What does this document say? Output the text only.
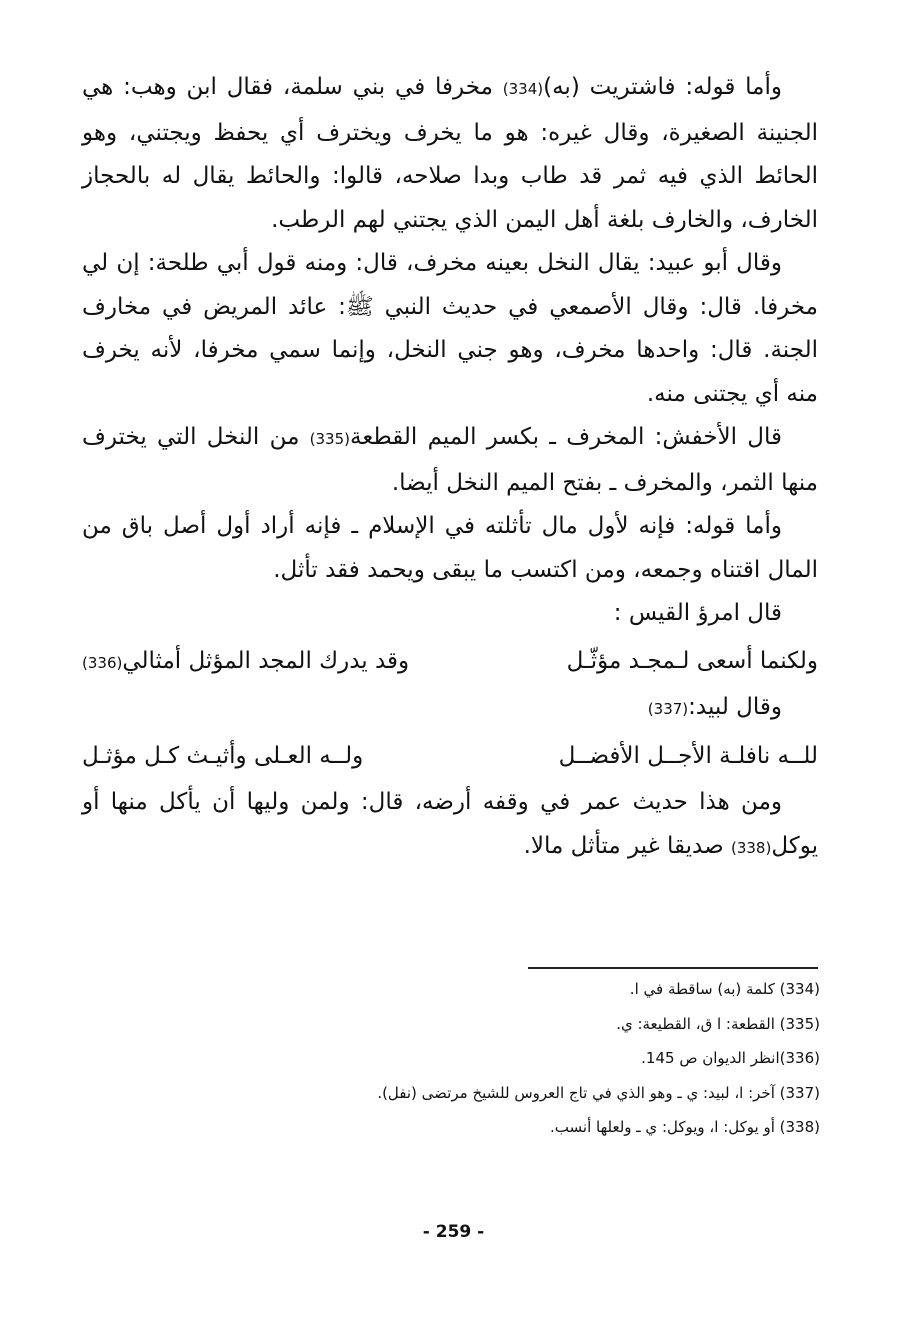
وأما قوله: فاشتريت (به)(334) مخرفا في بني سلمة، فقال ابن وهب: هي الجنينة الصغيرة، وقال غيره: هو ما يخرف ويخترف أي يحفظ ويجتني، وهو الحائط الذي فيه ثمر قد طاب وبدا صلاحه، قالوا: والحائط يقال له بالحجاز الخارف، والخارف بلغة أهل اليمن الذي يجتني لهم الرطب.

وقال أبو عبيد: يقال النخل بعينه مخرف، قال: ومنه قول أبي طلحة: إن لي مخرفا. قال: وقال الأصمعي في حديث النبي ﷺ: عائد المريض في مخارف الجنة. قال: واحدها مخرف، وهو جني النخل، وإنما سمي مخرفا، لأنه يخرف منه أي يجتنى منه.

قال الأخفش: المخرف ـ بكسر الميم القطعة(335) من النخل التي يخترف منها الثمر، والمخرف ـ بفتح الميم النخل أيضا.

وأما قوله: فإنه لأول مال تأثلته في الإسلام ـ فإنه أراد أول أصل باق من المال اقتناه وجمعه، ومن اكتسب ما يبقى ويحمد فقد تأثل.

قال امرؤ القيس :

ولكنما أسعى لـمجـد مؤثّـل
وقد يدرك المجد المؤثل أمثالي(336)

وقال لبيد:(337)

للــه نافلـة الأجــل الأفضــل
ولــه العـلى وأثيـث كـل مؤثـل

ومن هذا حديث عمر في وقفه أرضه، قال: ولمن وليها أن يأكل منها أو يوكل(338) صديقا غير متأثل مالا.

(334) كلمة (به) ساقطة في ا.

(335) القطعة: ا ق، القطيعة: ي.

(336)انظر الديوان ص 145.

(337) آخر: ا، لبيد: ي ـ وهو الذي في تاج العروس للشيخ مرتضى (نفل).

(338) أو يوكل: ا، ويوكل: ي ـ ولعلها أنسب.

- 259 -
